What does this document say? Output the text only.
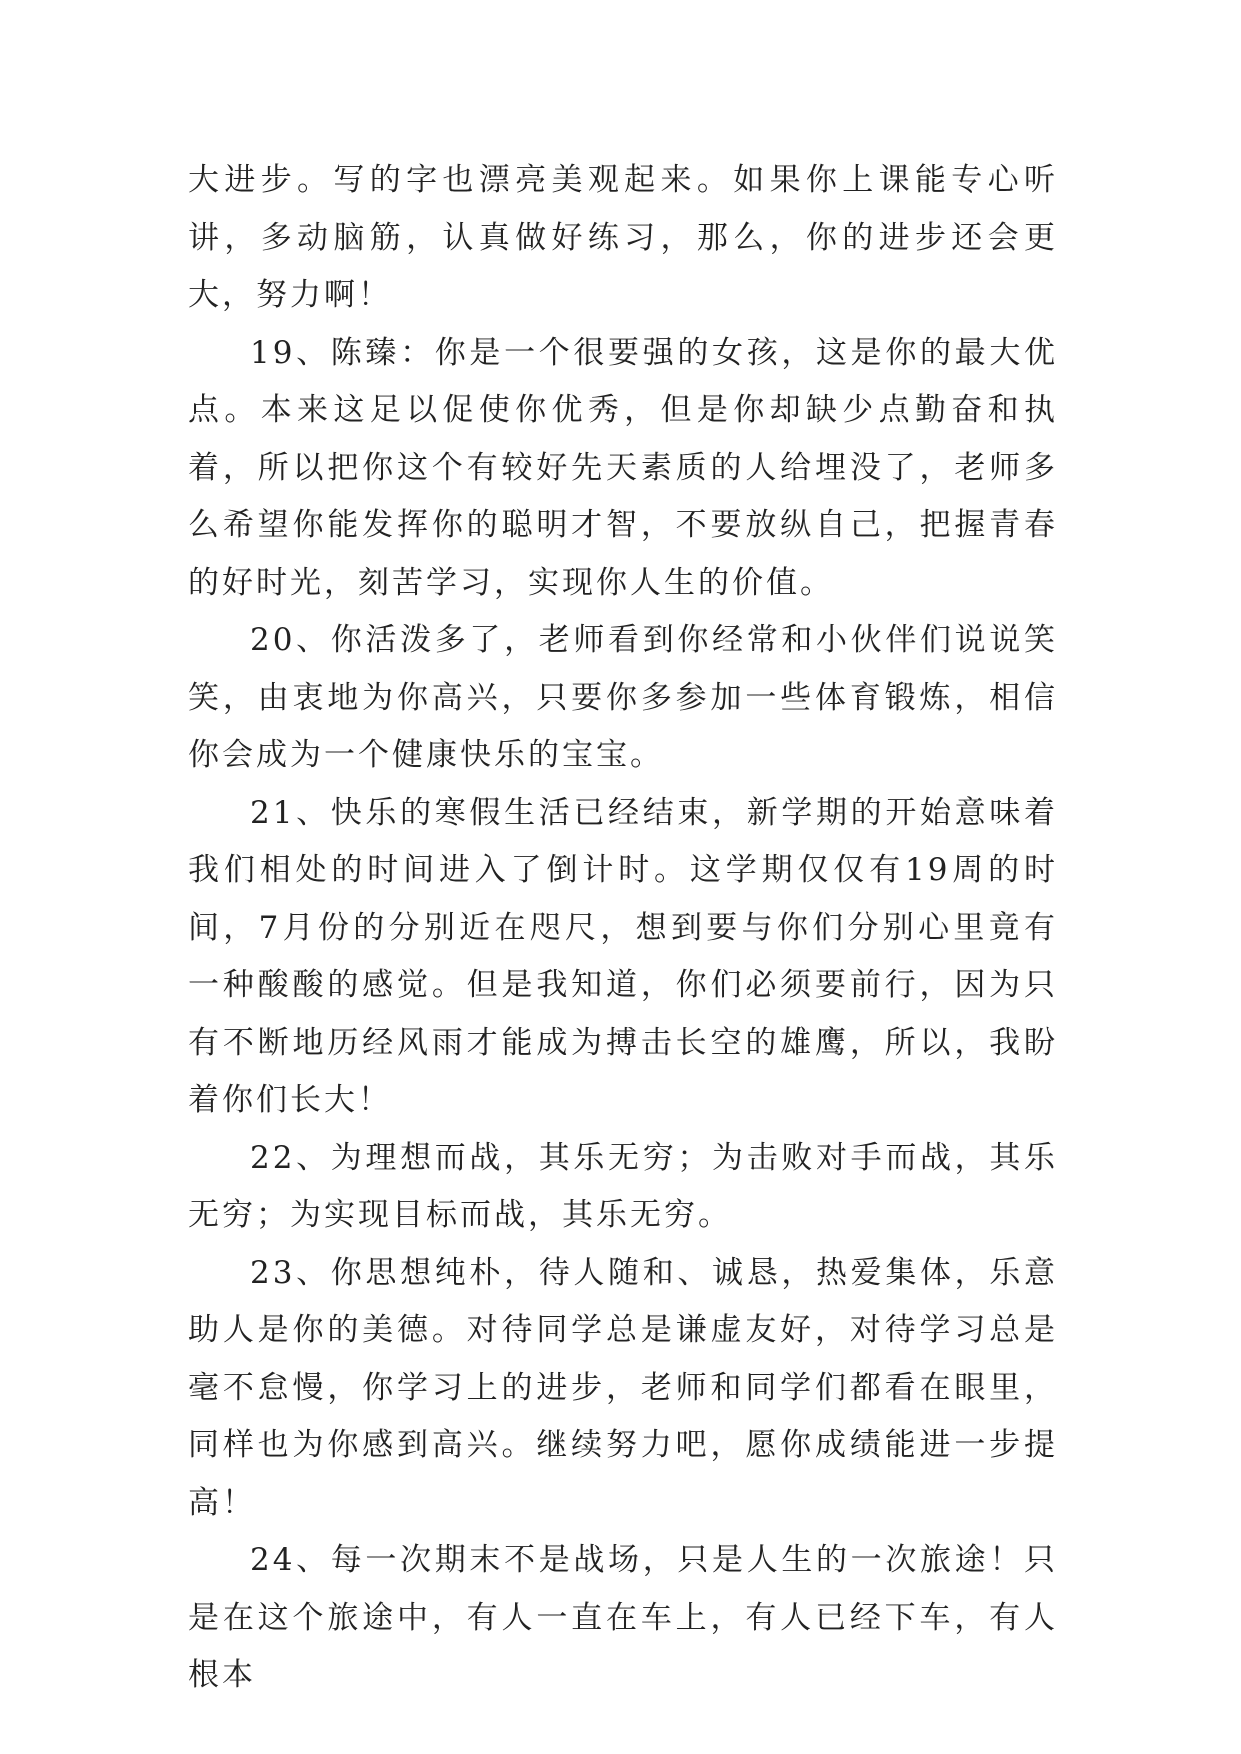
大进步。写的字也漂亮美观起来。如果你上课能专心听讲，多动脑筋，认真做好练习，那么，你的进步还会更大，努力啊！

19、陈臻：你是一个很要强的女孩，这是你的最大优点。本来这足以促使你优秀，但是你却缺少点勤奋和执着，所以把你这个有较好先天素质的人给埋没了，老师多么希望你能发挥你的聪明才智，不要放纵自己，把握青春的好时光，刻苦学习，实现你人生的价值。

20、你活泼多了，老师看到你经常和小伙伴们说说笑笑，由衷地为你高兴，只要你多参加一些体育锻炼，相信你会成为一个健康快乐的宝宝。

21、快乐的寒假生活已经结束，新学期的开始意味着我们相处的时间进入了倒计时。这学期仅仅有19周的时间，7月份的分别近在咫尺，想到要与你们分别心里竟有一种酸酸的感觉。但是我知道，你们必须要前行，因为只有不断地历经风雨才能成为搏击长空的雄鹰，所以，我盼着你们长大！

22、为理想而战，其乐无穷；为击败对手而战，其乐无穷；为实现目标而战，其乐无穷。

23、你思想纯朴，待人随和、诚恳，热爱集体，乐意助人是你的美德。对待同学总是谦虚友好，对待学习总是毫不怠慢，你学习上的进步，老师和同学们都看在眼里，同样也为你感到高兴。继续努力吧，愿你成绩能进一步提高！

24、每一次期末不是战场，只是人生的一次旅途！只是在这个旅途中，有人一直在车上，有人已经下车，有人根本
